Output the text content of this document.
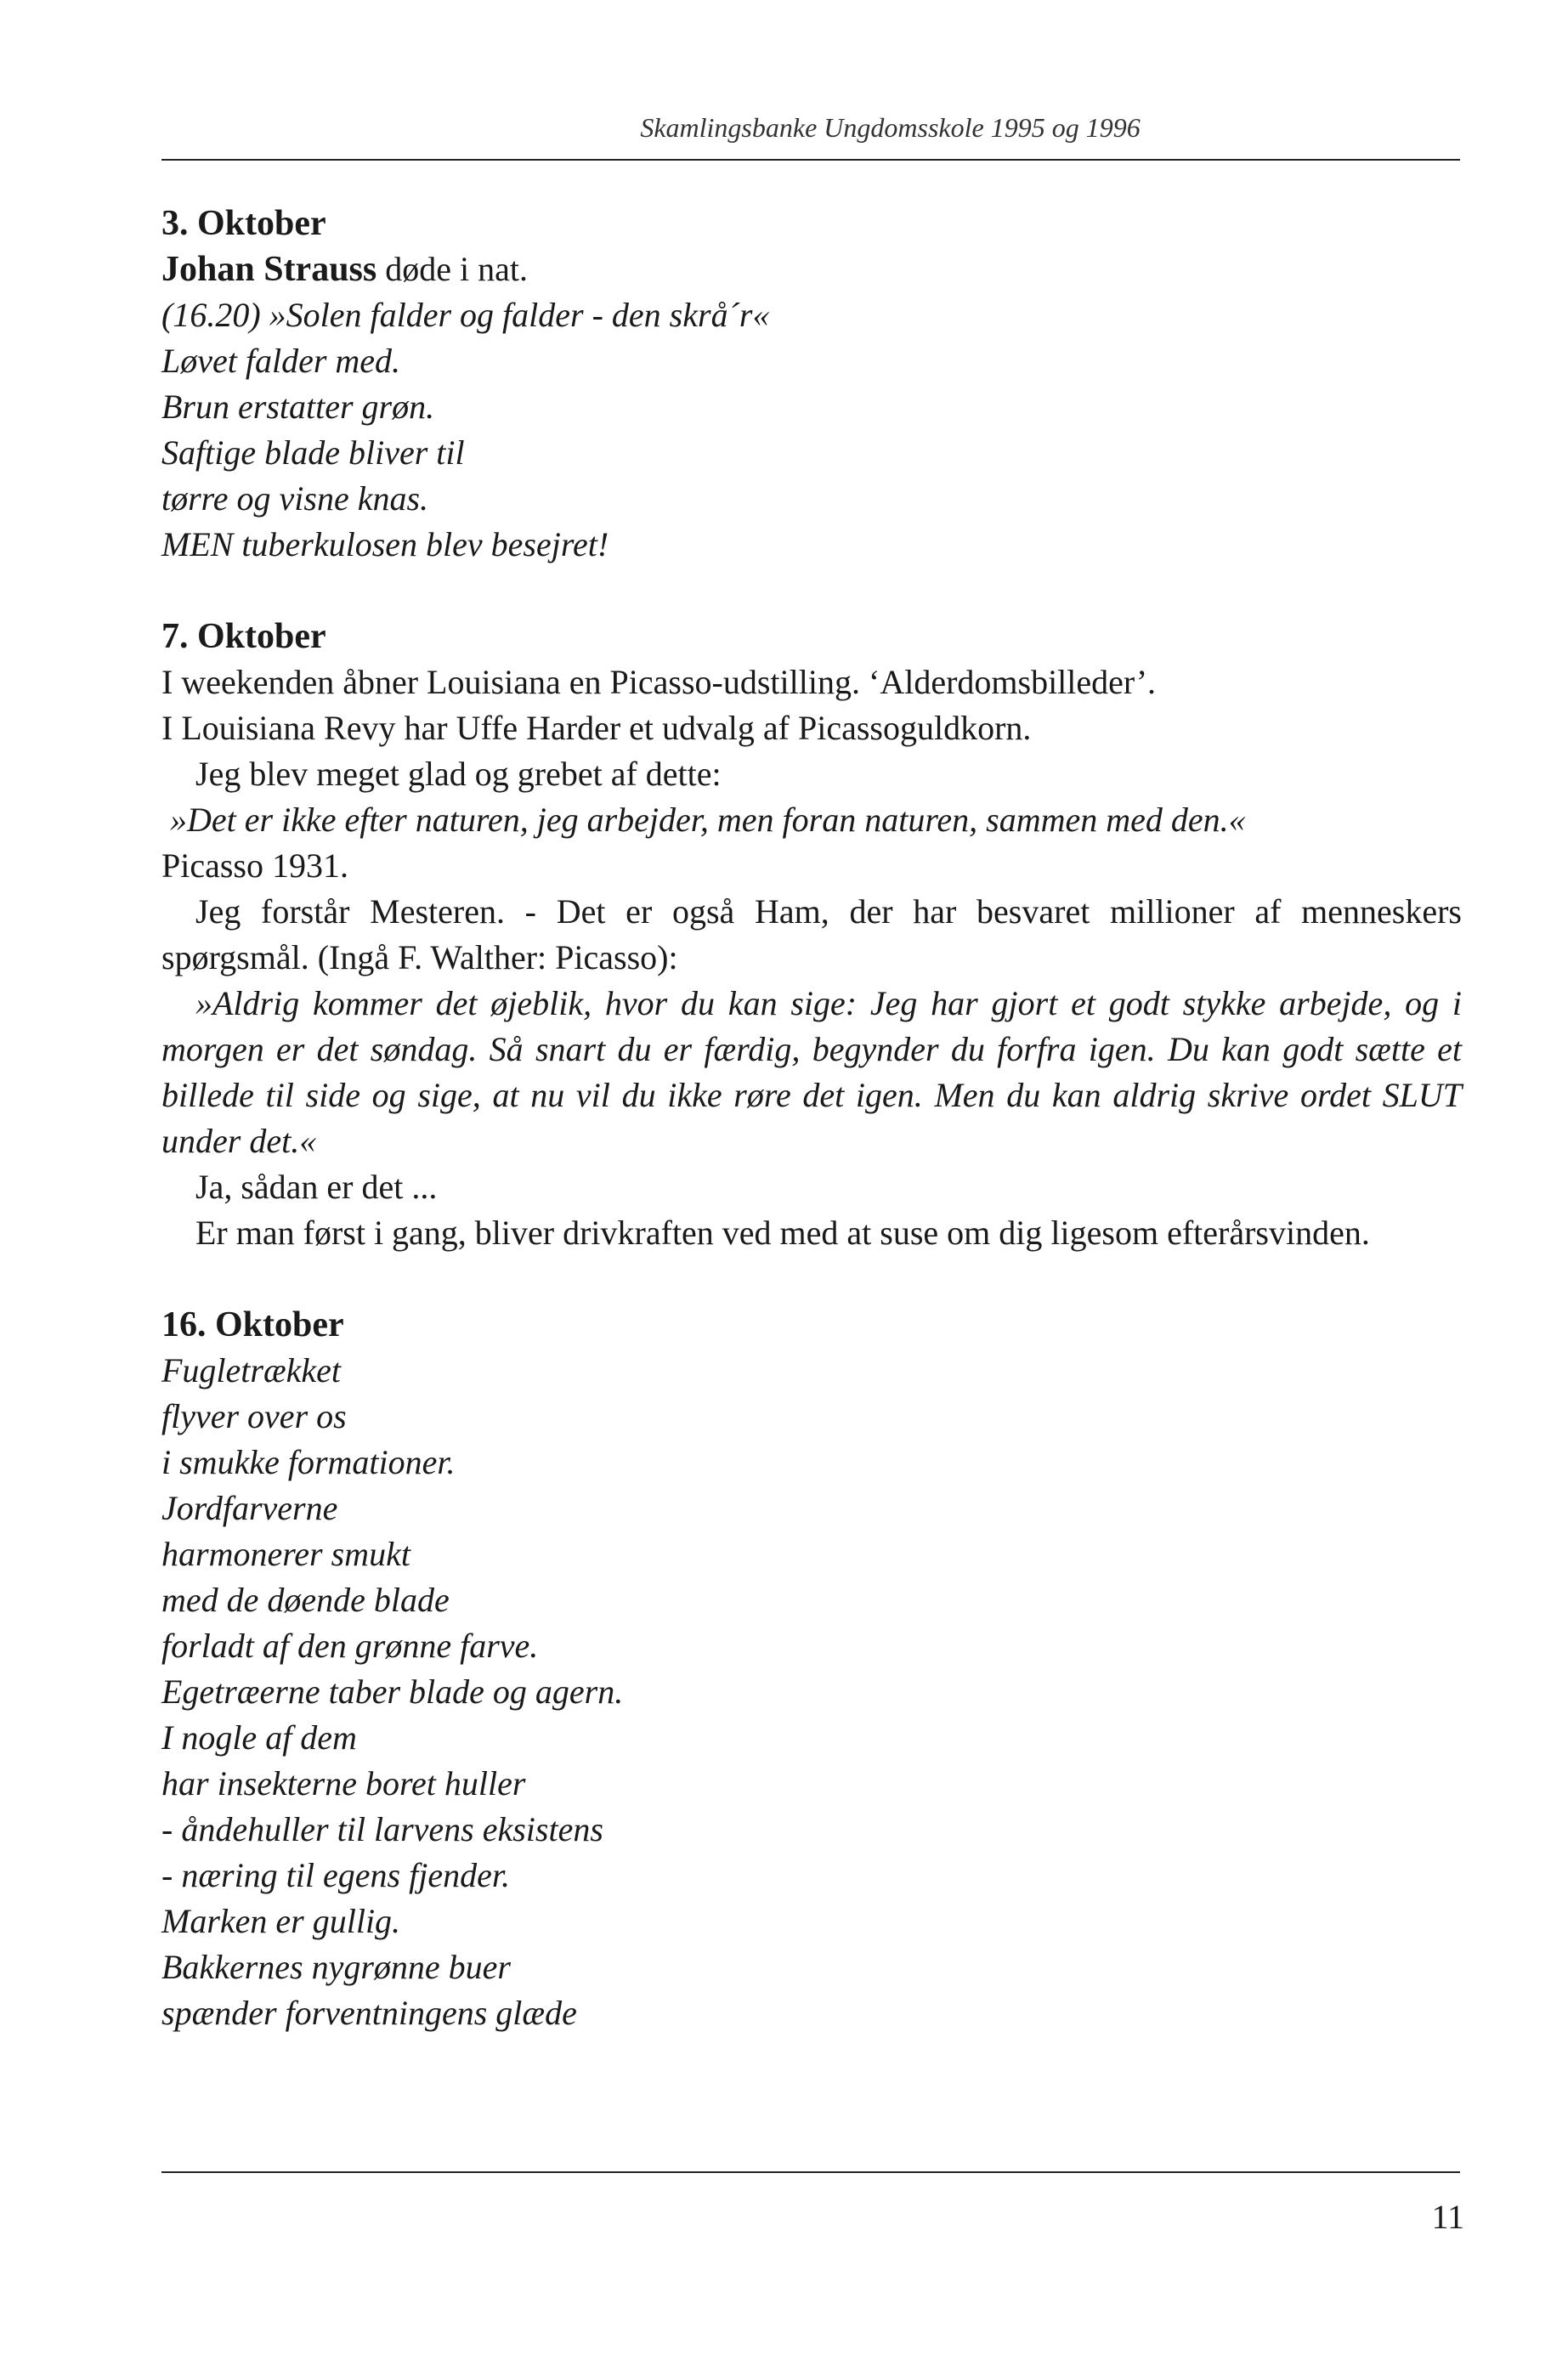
Skamlingsbanke Ungdomsskole 1995 og 1996

3. Oktober

Johan Strauss døde i nat.

(16.20) »Solen falder og falder - den skrå´r«

Løvet falder med.

Brun erstatter grøn.

Saftige blade bliver til

tørre og visne knas.

MEN tuberkulosen blev besejret!

7. Oktober

I weekenden åbner Louisiana en Picasso-udstilling. ‘Alderdomsbilleder’.

I Louisiana Revy har Uffe Harder et udvalg af Picassoguldkorn.

Jeg blev meget glad og grebet af dette:

»Det er ikke efter naturen, jeg arbejder, men foran naturen, sammen med den.«

Picasso 1931.

Jeg forstår Mesteren. - Det er også Ham, der har besvaret millioner af menneskers spørgsmål. (Ingå F. Walther: Picasso):

»Aldrig kommer det øjeblik, hvor du kan sige: Jeg har gjort et godt stykke arbejde, og i morgen er det søndag. Så snart du er færdig, begynder du forfra igen. Du kan godt sætte et billede til side og sige, at nu vil du ikke røre det igen. Men du kan aldrig skrive ordet SLUT under det.«

Ja, sådan er det ...

Er man først i gang, bliver drivkraften ved med at suse om dig ligesom efterårsvinden.

16. Oktober

Fugletrækket

flyver over os

i smukke formationer.

Jordfarverne

harmonerer smukt

med de døende blade

forladt af den grønne farve.

Egetræerne taber blade og agern.

I nogle af dem

har insekterne boret huller

- åndehuller til larvens eksistens

- næring til egens fjender.

Marken er gullig.

Bakkernes nygrønne buer

spænder forventningens glæde

11
